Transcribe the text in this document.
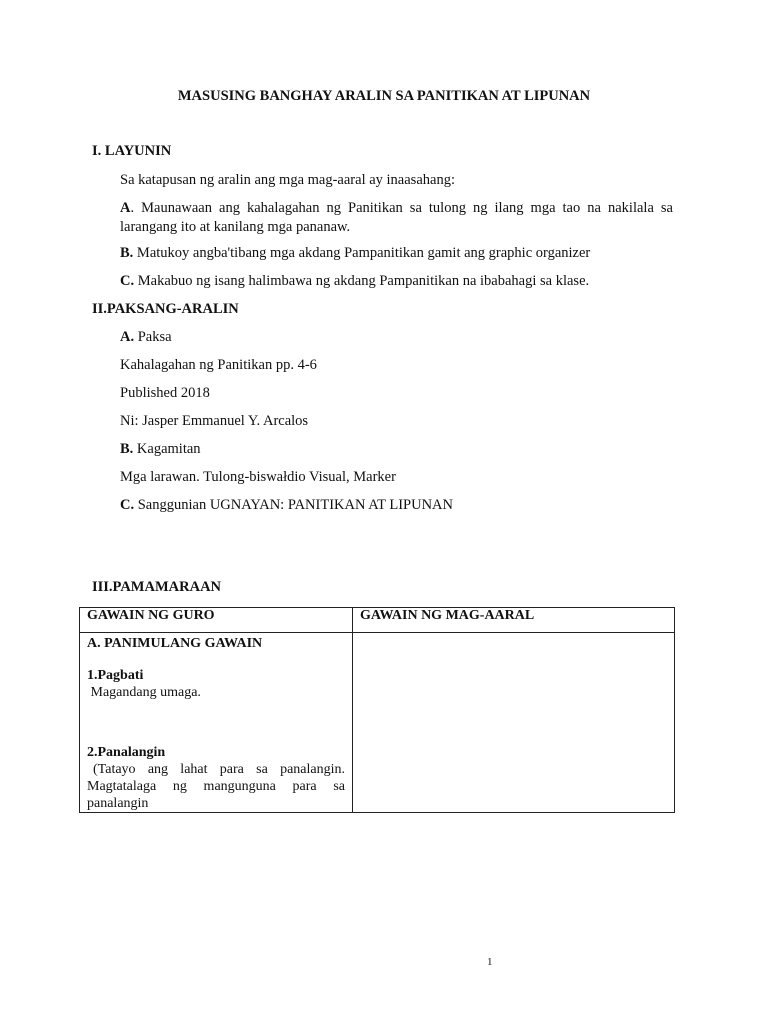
MASUSING BANGHAY ARALIN SA PANITIKAN AT LIPUNAN
I. LAYUNIN
Sa katapusan ng aralin ang mga mag-aaral ay inaasahang:
A. Maunawaan ang kahalagahan ng Panitikan sa tulong ng ilang mga tao na nakilala sa larangang ito at kanilang mga pananaw.
B. Matukoy angba'tibang mga akdang Pampanitikan gamit ang graphic organizer
C. Makabuo ng isang halimbawa ng akdang Pampanitikan na ibabahagi sa klase.
II.PAKSANG-ARALIN
A. Paksa
Kahalagahan ng Panitikan pp. 4-6
Published 2018
Ni: Jasper Emmanuel Y. Arcalos
B. Kagamitan
Mga larawan. Tulong-biswałdio Visual, Marker
C. Sanggunian UGNAYAN: PANITIKAN AT LIPUNAN
III.PAMAMARAAN
GAWAIN NG GURO	GAWAIN NG MAG-AARAL

A. PANIMULANG GAWAIN
1.Pagbati
Magandang umaga.
2.Panalangin
(Tatayo ang lahat para sa panalangin. Magtatalaga ng mangunguna para sa panalangin	

1
